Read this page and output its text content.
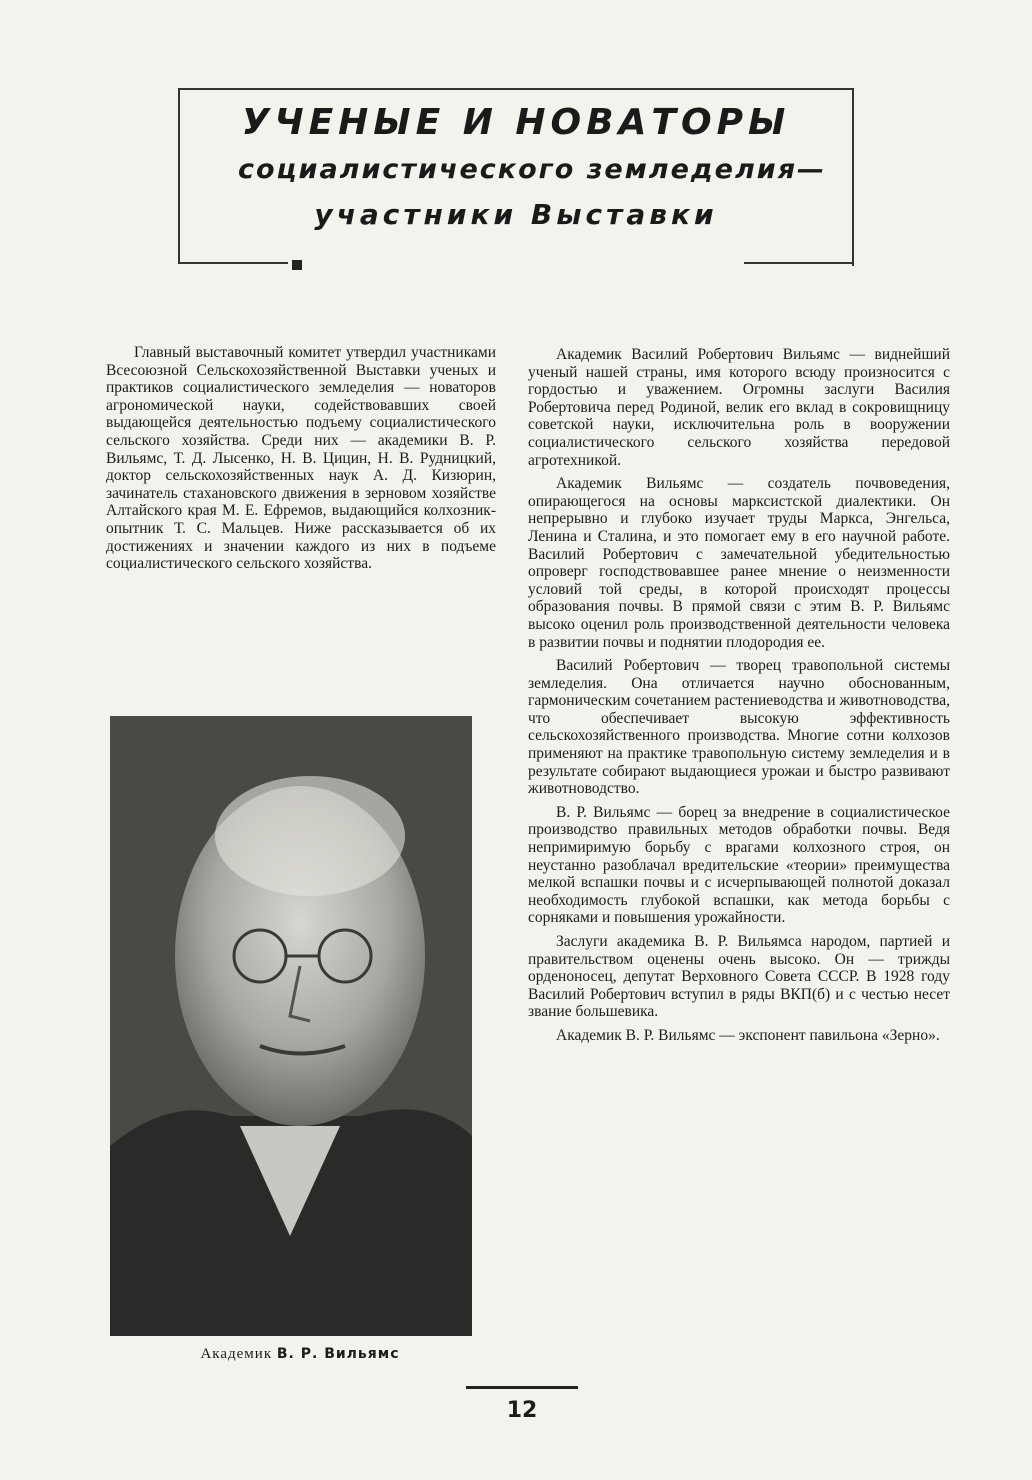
УЧЕНЫЕ И НОВАТОРЫ
социалистического земледелия—
участники Выставки

Главный выставочный комитет утвердил участниками Всесоюзной Сельскохозяйственной Выставки ученых и практиков социалистического земледелия — новаторов агрономической науки, содействовавших своей выдающейся деятельностью подъему социалистического сельского хозяйства. Среди них — академики В. Р. Вильямс, Т. Д. Лысенко, Н. В. Цицин, Н. В. Рудницкий, доктор сельскохозяйственных наук А. Д. Кизюрин, зачинатель стахановского движения в зерновом хозяйстве Алтайского края М. Е. Ефремов, выдающийся колхозник-опытник Т. С. Мальцев. Ниже рассказывается об их достижениях и значении каждого из них в подъеме социалистического сельского хозяйства.

Академик Василий Робертович Вильямс — виднейший ученый нашей страны, имя которого всюду произносится с гордостью и уважением. Огромны заслуги Василия Робертовича перед Родиной, велик его вклад в сокровищницу советской науки, исключительна роль в вооружении социалистического сельского хозяйства передовой агротехникой.

Академик Вильямс — создатель почвоведения, опирающегося на основы марксистской диалектики. Он непрерывно и глубоко изучает труды Маркса, Энгельса, Ленина и Сталина, и это помогает ему в его научной работе. Василий Робертович с замечательной убедительностью опроверг господствовавшее ранее мнение о неизменности условий той среды, в которой происходят процессы образования почвы. В прямой связи с этим В. Р. Вильямс высоко оценил роль производственной деятельности человека в развитии почвы и поднятии плодородия ее.

Василий Робертович — творец травопольной системы земледелия. Она отличается научно обоснованным, гармоническим сочетанием растениеводства и животноводства, что обеспечивает высокую эффективность сельскохозяйственного производства. Многие сотни колхозов применяют на практике травопольную систему земледелия и в результате собирают выдающиеся урожаи и быстро развивают животноводство.

В. Р. Вильямс — борец за внедрение в социалистическое производство правильных методов обработки почвы. Ведя непримиримую борьбу с врагами колхозного строя, он неустанно разоблачал вредительские «теории» преимущества мелкой вспашки почвы и с исчерпывающей полнотой доказал необходимость глубокой вспашки, как метода борьбы с сорняками и повышения урожайности.

Заслуги академика В. Р. Вильямса народом, партией и правительством оценены очень высоко. Он — трижды орденоносец, депутат Верховного Совета СССР. В 1928 году Василий Робертович вступил в ряды ВКП(б) и с честью несет звание большевика.

Академик В. Р. Вильямс — экспонент павильона «Зерно».

Академик В. Р. Вильямс
12
